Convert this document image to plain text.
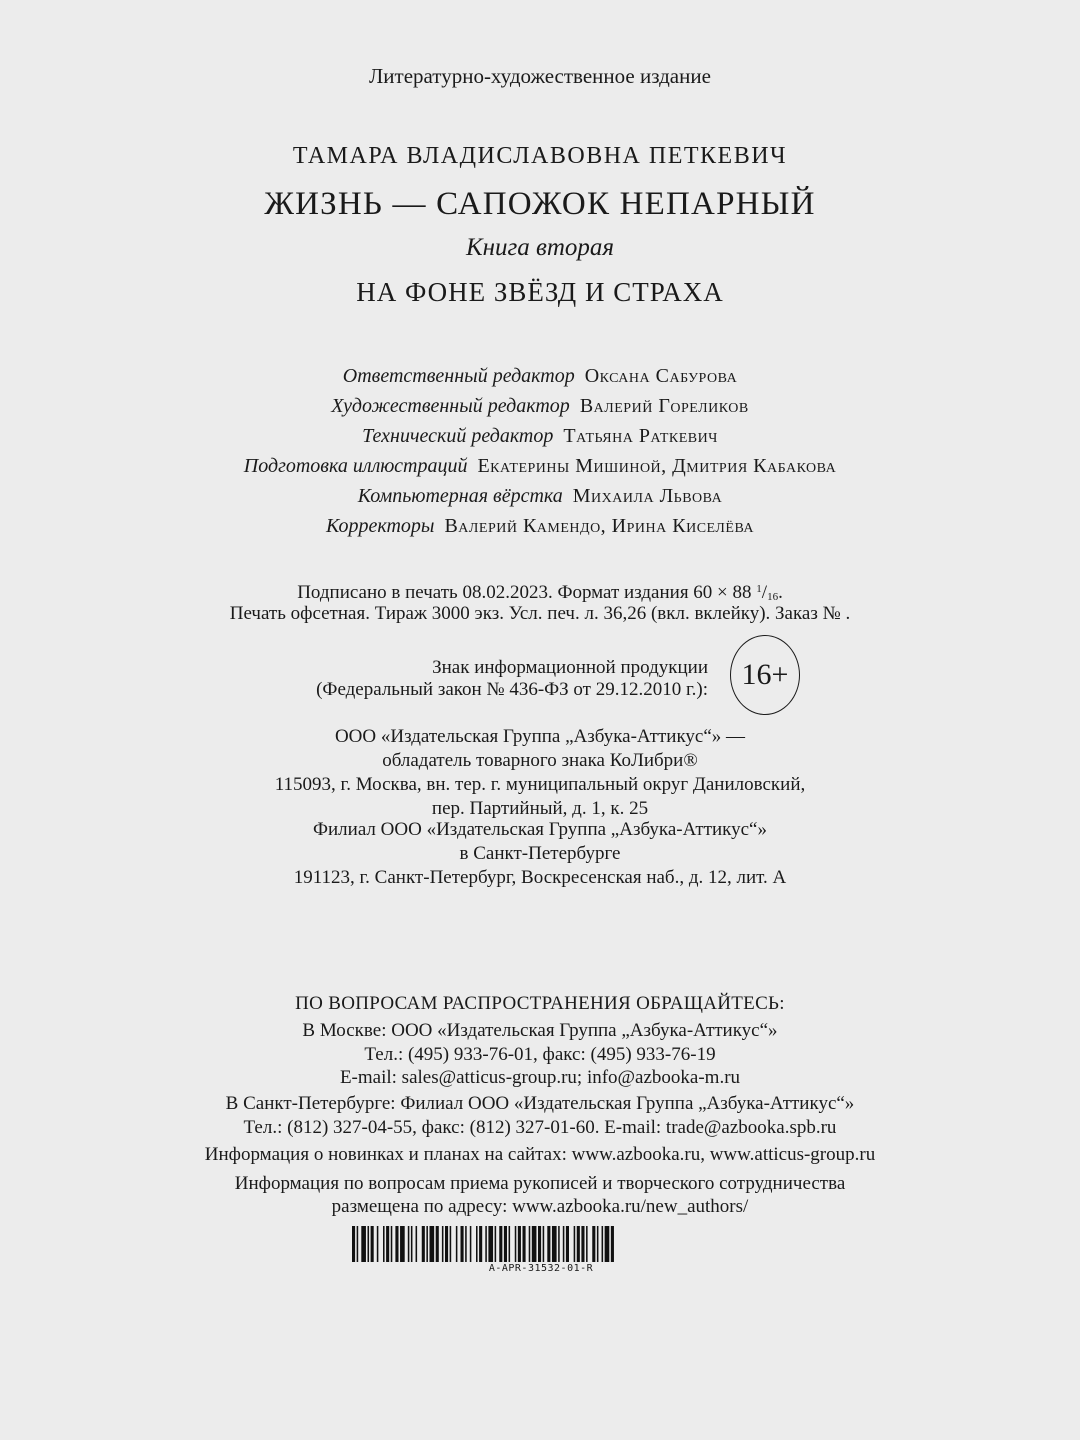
Литературно-художественное издание
ТАМАРА ВЛАДИСЛАВОВНА ПЕТКЕВИЧ
ЖИЗНЬ — САПОЖОК НЕПАРНЫЙ
Книга вторая
НА ФОНЕ ЗВЁЗД И СТРАХА
Ответственный редактор Оксана Сабурова
Художественный редактор Валерий Гореликов
Технический редактор Татьяна Раткевич
Подготовка иллюстраций Екатерины Мишиной, Дмитрия Кабакова
Компьютерная вёрстка Михаила Львова
Корректоры Валерий Камендо, Ирина Киселёва
Подписано в печать 08.02.2023. Формат издания 60 × 88 $^1/_{16}$.
Печать офсетная. Тираж 3000 экз. Усл. печ. л. 36,26 (вкл. вклейку). Заказ № .
Знак информационной продукции
(Федеральный закон № 436-ФЗ от 29.12.2010 г.):	16+
ООО «Издательская Группа „Азбука-Аттикус“» —
обладатель товарного знака КоЛибри®
115093, г. Москва, вн. тер. г. муниципальный округ Даниловский,
пер. Партийный, д. 1, к. 25
Филиал ООО «Издательская Группа „Азбука-Аттикус“»
в Санкт-Петербурге
191123, г. Санкт-Петербург, Воскресенская наб., д. 12, лит. А
ПО ВОПРОСАМ РАСПРОСТРАНЕНИЯ ОБРАЩАЙТЕСЬ:
В Москве: ООО «Издательская Группа „Азбука-Аттикус“»
Тел.: (495) 933-76-01, факс: (495) 933-76-19
E-mail: sales@atticus-group.ru; info@azbooka-m.ru
В Санкт-Петербурге: Филиал ООО «Издательская Группа „Азбука-Аттикус“»
Тел.: (812) 327-04-55, факс: (812) 327-01-60. E-mail: trade@azbooka.spb.ru
Информация о новинках и планах на сайтах: www.azbooka.ru, www.atticus-group.ru
Информация по вопросам приема рукописей и творческого сотрудничества
размещена по адресу: www.azbooka.ru/new_authors/
A-APR-31532-01-R
